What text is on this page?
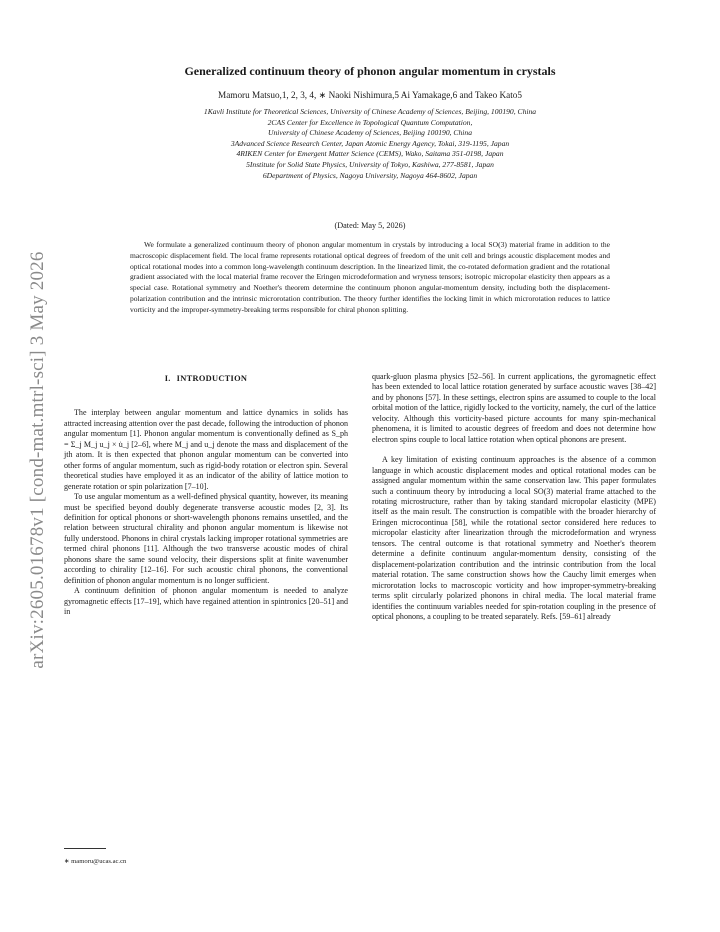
arXiv:2605.01678v1 [cond-mat.mtrl-sci] 3 May 2026
Generalized continuum theory of phonon angular momentum in crystals
Mamoru Matsuo,1, 2, 3, 4, ∗ Naoki Nishimura,5 Ai Yamakage,6 and Takeo Kato5
1Kavli Institute for Theoretical Sciences, University of Chinese Academy of Sciences, Beijing, 100190, China
2CAS Center for Excellence in Topological Quantum Computation,
University of Chinese Academy of Sciences, Beijing 100190, China
3Advanced Science Research Center, Japan Atomic Energy Agency, Tokai, 319-1195, Japan
4RIKEN Center for Emergent Matter Science (CEMS), Wako, Saitama 351-0198, Japan
5Institute for Solid State Physics, University of Tokyo, Kashiwa, 277-8581, Japan
6Department of Physics, Nagoya University, Nagoya 464-8602, Japan
(Dated: May 5, 2026)

We formulate a generalized continuum theory of phonon angular momentum in crystals by introducing a local SO(3) material frame in addition to the macroscopic displacement field. The local frame represents rotational optical degrees of freedom of the unit cell and brings acoustic displacement modes and optical rotational modes into a common long-wavelength continuum description. In the linearized limit, the co-rotated deformation gradient and the rotational gradient associated with the local material frame recover the Eringen microdeformation and wryness tensors; isotropic micropolar elasticity then appears as a special case. Rotational symmetry and Noether's theorem determine the continuum phonon angular-momentum density, including both the displacement-polarization contribution and the intrinsic microrotation contribution. The theory further identifies the locking limit in which microrotation reduces to lattice vorticity and the improper-symmetry-breaking terms responsible for chiral phonon splitting.

I. INTRODUCTION

The interplay between angular momentum and lattice dynamics in solids has attracted increasing attention over the past decade, following the introduction of phonon angular momentum [1]. Phonon angular momentum is conventionally defined as S_ph = Σ_j M_j u_j × u̇_j [2–6], where M_j and u_j denote the mass and displacement of the jth atom. It is then expected that phonon angular momentum can be converted into other forms of angular momentum, such as rigid-body rotation or electron spin. Several theoretical studies have employed it as an indicator of the ability of lattice motion to generate rotation or spin polarization [7–10].

To use angular momentum as a well-defined physical quantity, however, its meaning must be specified beyond doubly degenerate transverse acoustic modes [2, 3]. Its definition for optical phonons or short-wavelength phonons remains unsettled, and the relation between structural chirality and phonon angular momentum is likewise not fully understood. Phonons in chiral crystals lacking improper rotational symmetries are termed chiral phonons [11]. Although the two transverse acoustic modes of chiral phonons share the same sound velocity, their dispersions split at finite wavenumber according to chirality [12–16]. For such acoustic chiral phonons, the conventional definition of phonon angular momentum is no longer sufficient.

A continuum definition of phonon angular momentum is needed to analyze gyromagnetic effects [17–19], which have regained attention in spintronics [20–51] and in

quark-gluon plasma physics [52–56]. In current applications, the gyromagnetic effect has been extended to local lattice rotation generated by surface acoustic waves [38–42] and by phonons [57]. In these settings, electron spins are assumed to couple to the local orbital motion of the lattice, rigidly locked to the vorticity, namely, the curl of the lattice velocity. Although this vorticity-based picture accounts for many spin-mechanical phenomena, it is limited to acoustic degrees of freedom and does not determine how electron spins couple to local lattice rotation when optical phonons are present.

A key limitation of existing continuum approaches is the absence of a common language in which acoustic displacement modes and optical rotational modes can be assigned angular momentum within the same conservation law. This paper formulates such a continuum theory by introducing a local SO(3) material frame attached to the rotating microstructure, rather than by taking standard micropolar elasticity (MPE) itself as the main result. The construction is compatible with the broader hierarchy of Eringen microcontinua [58], while the rotational sector considered here reduces to micropolar elasticity after linearization through the microdeformation and wryness tensors. The central outcome is that rotational symmetry and Noether's theorem determine a definite continuum angular-momentum density, consisting of the displacement-polarization contribution and the intrinsic contribution from the local material rotation. The same construction shows how the Cauchy limit emerges when microrotation locks to macroscopic vorticity and how improper-symmetry-breaking terms split circularly polarized phonons in chiral media. The local material frame identifies the continuum variables needed for spin-rotation coupling in the presence of optical phonons, a coupling to be treated separately. Refs. [59–61] already

∗ mamoru@ucas.ac.cn
